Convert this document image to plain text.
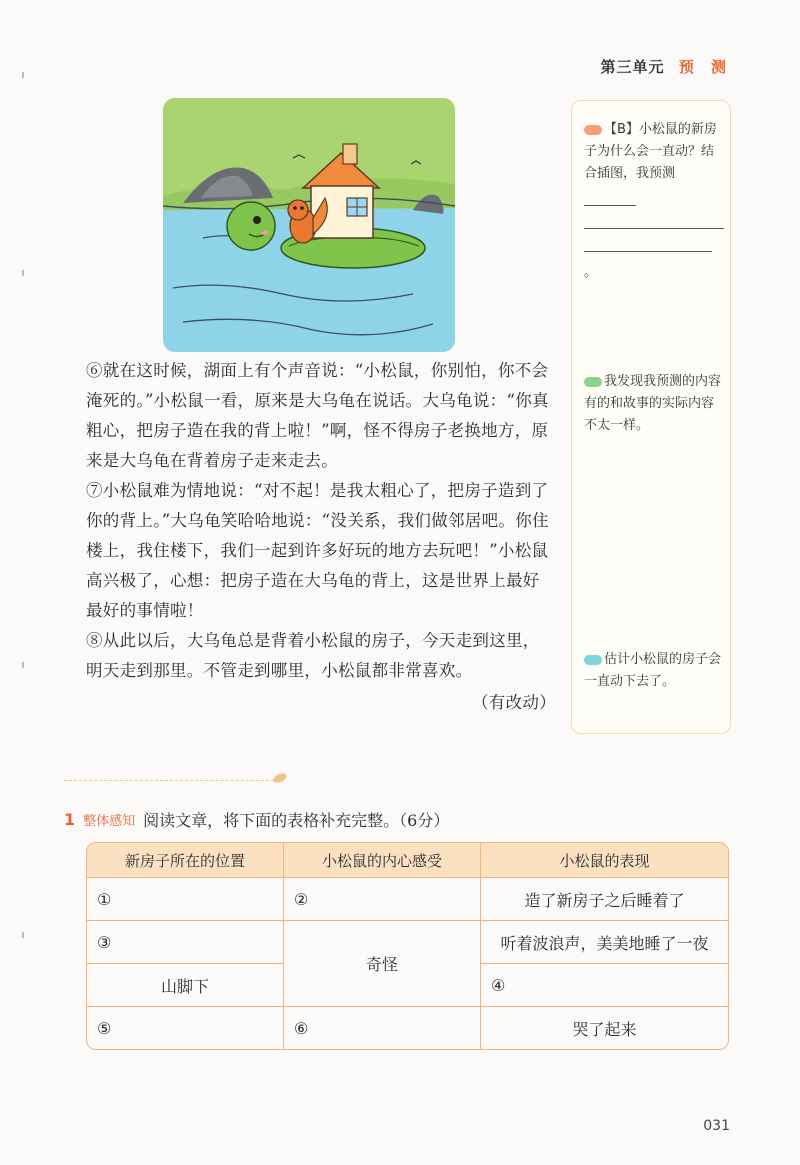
第三单元 预 测

⑥就在这时候，湖面上有个声音说：“小松鼠，你别怕，你不会淹死的。”小松鼠一看，原来是大乌龟在说话。大乌龟说：“你真粗心，把房子造在我的背上啦！”啊，怪不得房子老换地方，原来是大乌龟在背着房子走来走去。

⑦小松鼠难为情地说：“对不起！是我太粗心了，把房子造到了你的背上。”大乌龟笑哈哈地说：“没关系，我们做邻居吧。你住楼上，我住楼下，我们一起到许多好玩的地方去玩吧！”小松鼠高兴极了，心想：把房子造在大乌龟的背上，这是世界上最好最好的事情啦！

⑧从此以后，大乌龟总是背着小松鼠的房子，今天走到这里，明天走到那里。不管走到哪里，小松鼠都非常喜欢。

（有改动）

【B】小松鼠的新房子为什么会一直动？结合插图，我预测
。
我发现我预测的内容有的和故事的实际内容不太一样。
估计小松鼠的房子会一直动下去了。
1 整体感知 阅读文章，将下面的表格补充完整。（6分）
新房子所在的位置	小松鼠的内心感受	小松鼠的表现
①	②	造了新房子之后睡着了
③	奇怪	听着波浪声，美美地睡了一夜
山脚下		④
⑤	⑥	哭了起来
031
